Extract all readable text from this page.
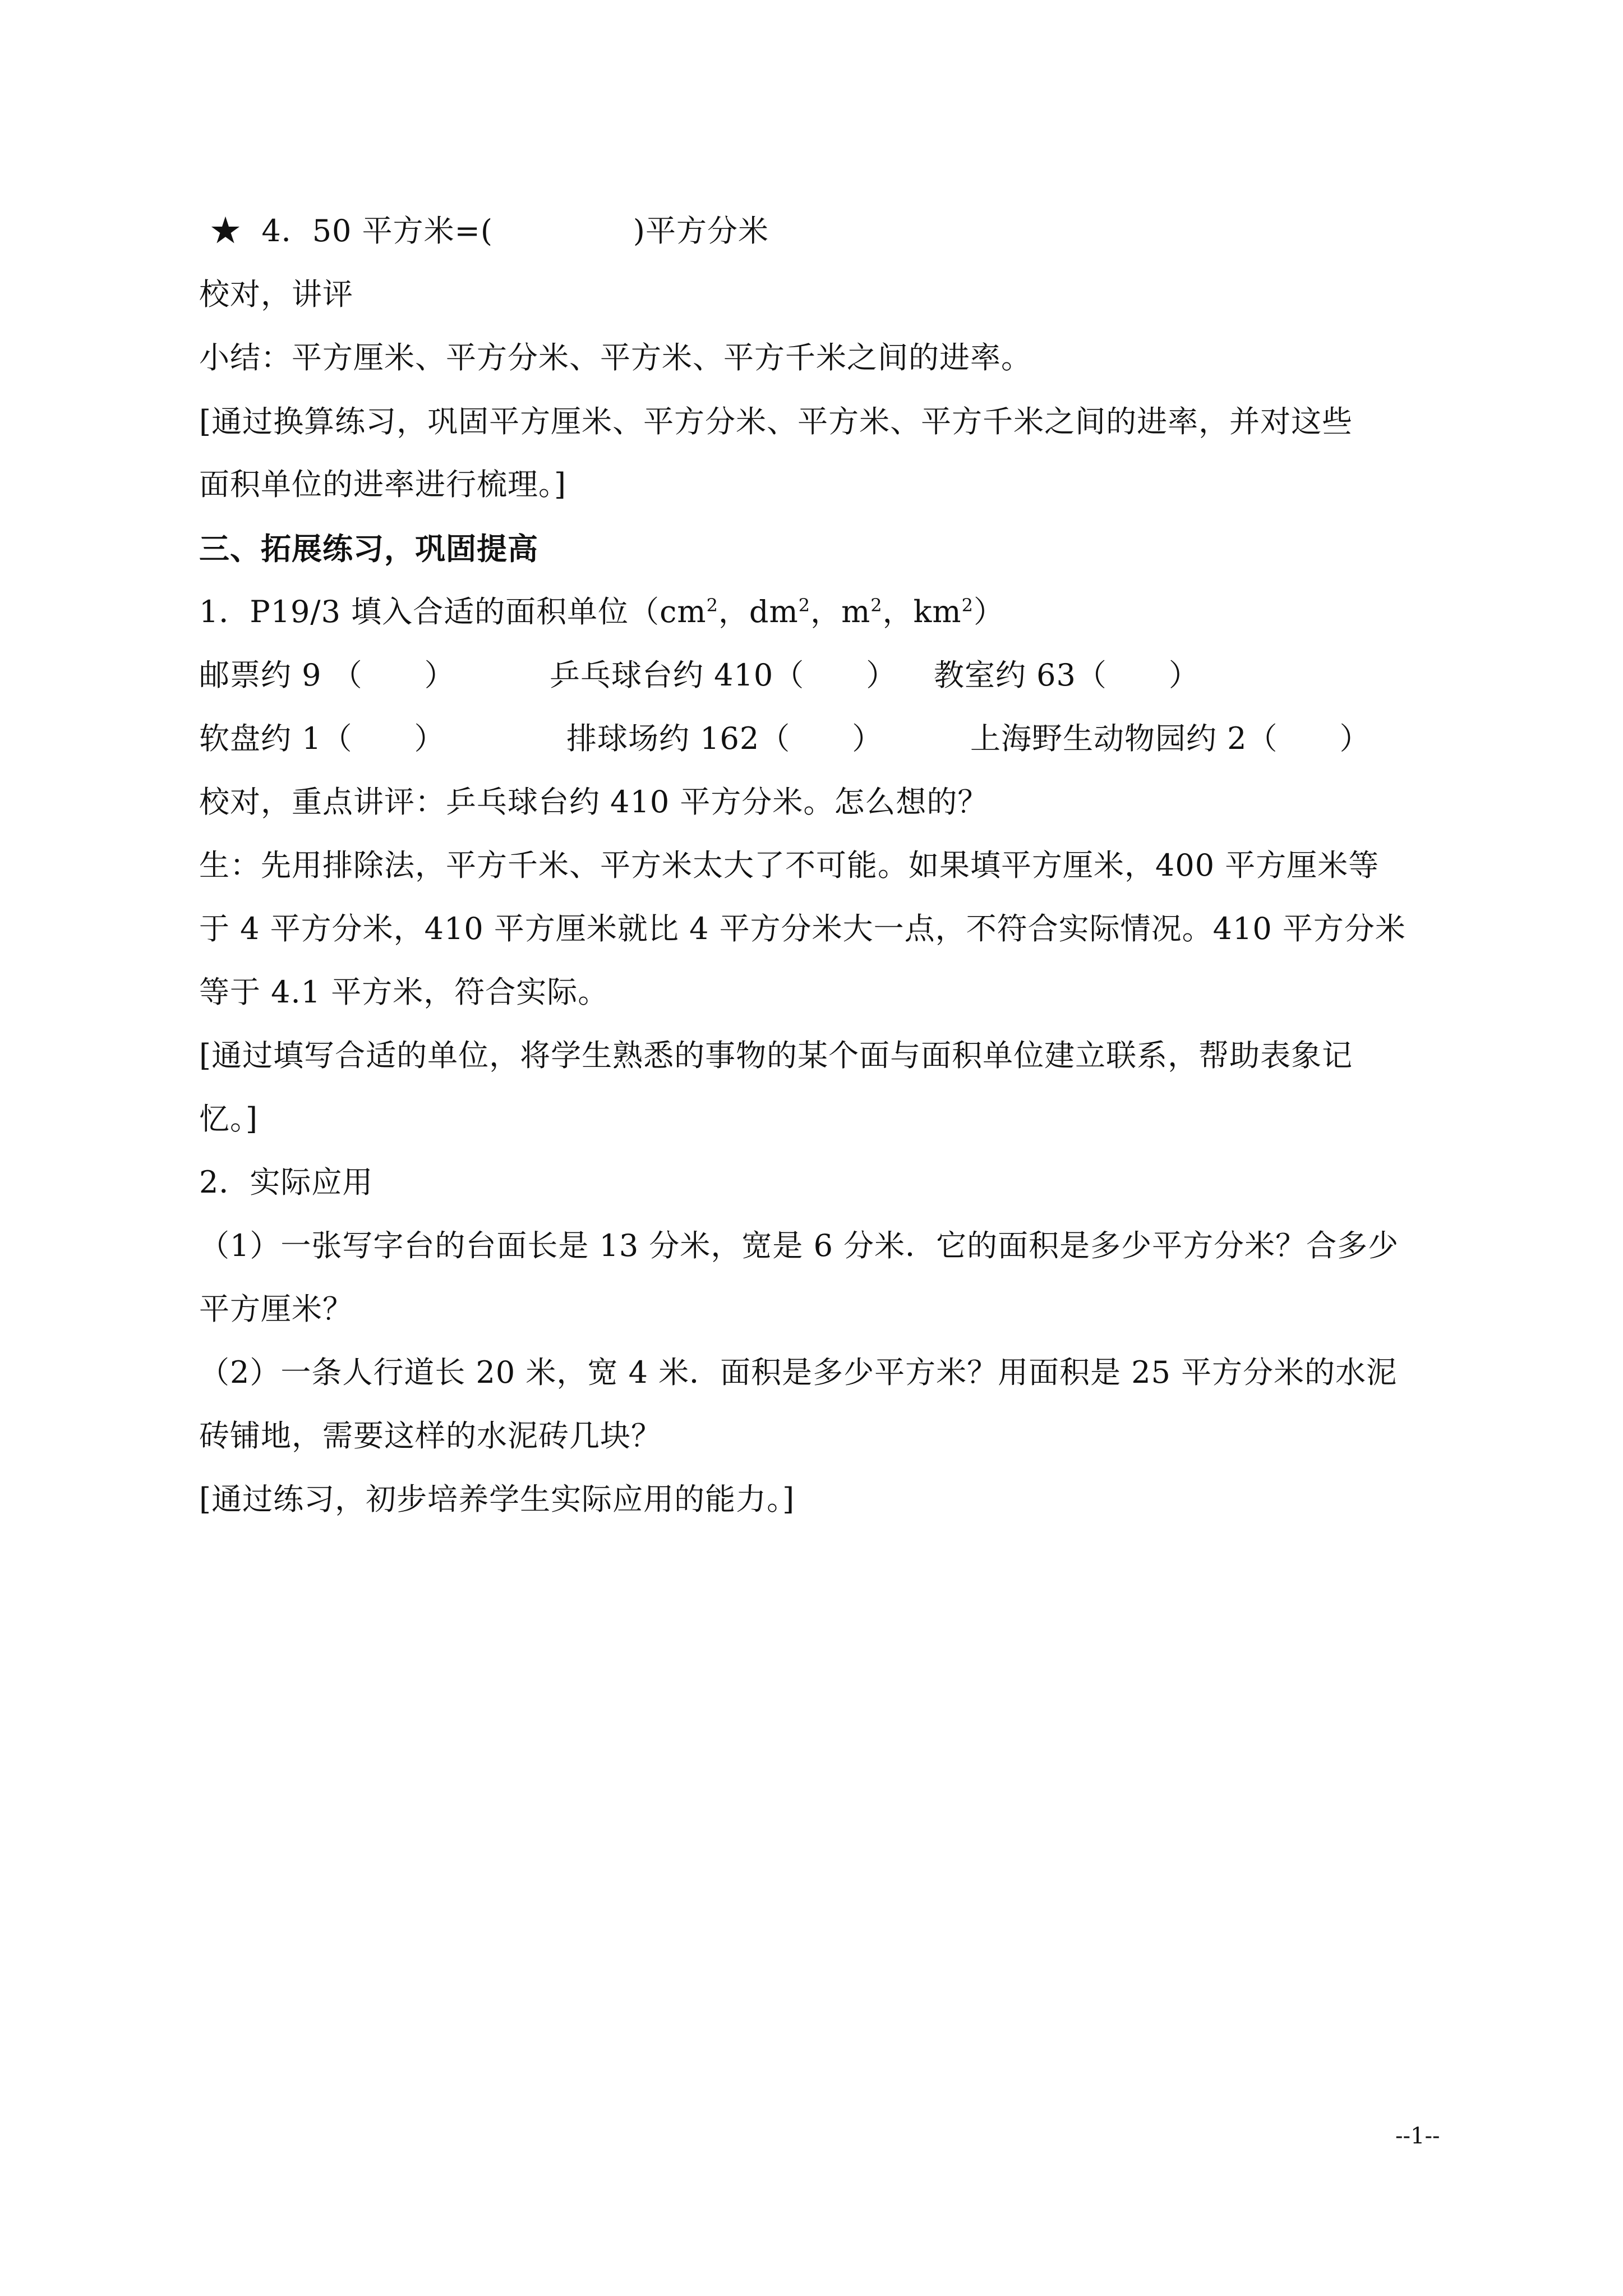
★ 4．50 平方米=(	)平方分米
校对，讲评
小结：平方厘米、平方分米、平方米、平方千米之间的进率。
[通过换算练习，巩固平方厘米、平方分米、平方米、平方千米之间的进率，并对这些
面积单位的进率进行梳理。]
三、拓展练习，巩固提高
1．P19/3 填入合适的面积单位（$cm^2$，$dm^2$，$m^2$，$km^2$）
邮票约 9 （　　）	乒乓球台约 410（　　） 教室约 63（　　）
软盘约 1（　　）	排球场约 162（　　）	上海野生动物园约 2（　　）
校对，重点讲评：乒乓球台约 410 平方分米。怎么想的？
生：先用排除法，平方千米、平方米太大了不可能。如果填平方厘米，400 平方厘米等
于 4 平方分米，410 平方厘米就比 4 平方分米大一点，不符合实际情况。410 平方分米
等于 4.1 平方米，符合实际。
[通过填写合适的单位，将学生熟悉的事物的某个面与面积单位建立联系，帮助表象记
忆。]
2．实际应用
（1）一张写字台的台面长是 13 分米，宽是 6 分米．它的面积是多少平方分米？合多少
平方厘米？
（2）一条人行道长 20 米，宽 4 米．面积是多少平方米？用面积是 25 平方分米的水泥
砖铺地，需要这样的水泥砖几块？
[通过练习，初步培养学生实际应用的能力。]
--1--
